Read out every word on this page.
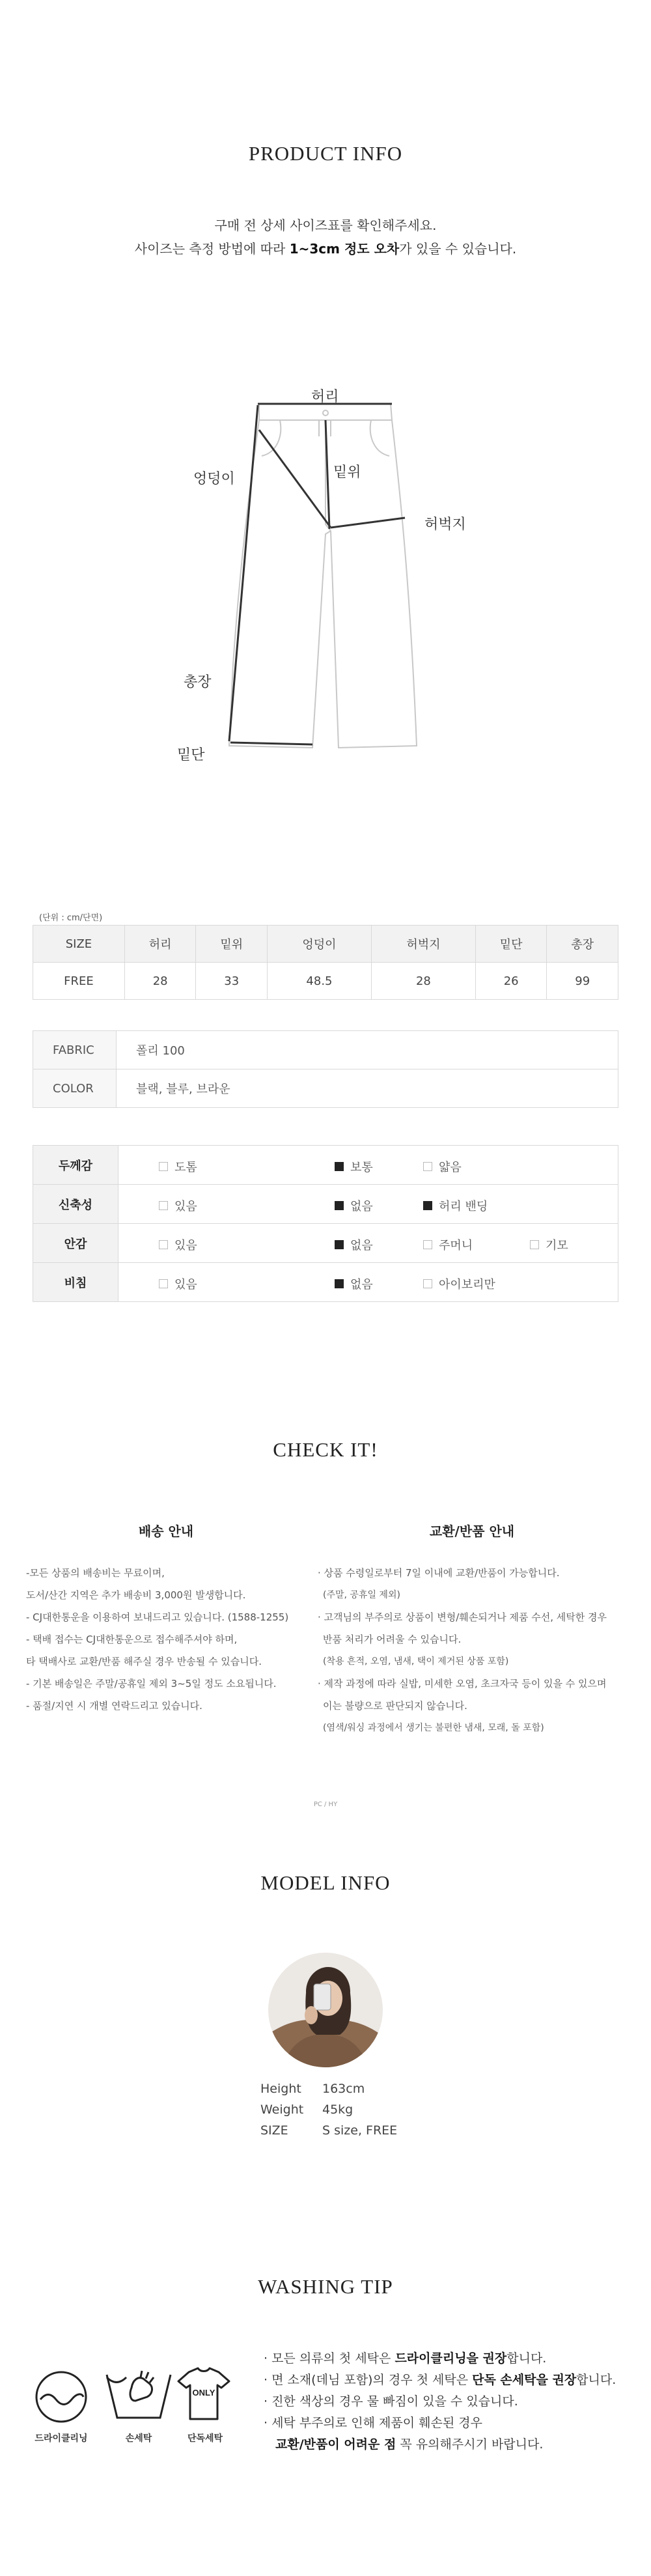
PRODUCT INFO
구매 전 상세 사이즈표를 확인해주세요.
사이즈는 측정 방법에 따라 1~3cm 정도 오차가 있을 수 있습니다.
허리
엉덩이	밑위
허벅지
총장
밑단
(단위 : cm/단면)
SIZE	허리	밑위	엉덩이	허벅지	밑단	총장
FREE	28	33	48.5	28	26	99
FABRIC	폴리 100
COLOR	블랙, 블루, 브라운
두께감	도톰 보통 얇음

신축성	있음 없음 허리 밴딩

안감	있음 없음 주머니 기모

비침	있음 없음 아이보리만
CHECK IT!
배송 안내	교환/반품 안내
-모든 상품의 배송비는 무료이며,
도서/산간 지역은 추가 배송비 3,000원 발생합니다.
- CJ대한통운을 이용하여 보내드리고 있습니다. (1588-1255)
- 택배 접수는 CJ대한통운으로 접수해주셔야 하며,
타 택배사로 교환/반품 해주실 경우 반송될 수 있습니다.
- 기본 배송일은 주말/공휴일 제외 3~5일 정도 소요됩니다.
- 품절/지연 시 개별 연락드리고 있습니다.
· 상품 수령일로부터 7일 이내에 교환/반품이 가능합니다.
(주말, 공휴일 제외)
· 고객님의 부주의로 상품이 변형/훼손되거나 제품 수선, 세탁한 경우
반품 처리가 어려울 수 있습니다.
(착용 흔적, 오염, 냄새, 택이 제거된 상품 포함)
· 제작 과정에 따라 실밥, 미세한 오염, 초크자국 등이 있을 수 있으며
이는 불량으로 판단되지 않습니다.
(염색/워싱 과정에서 생기는 불편한 냄새, 모래, 돌 포함)
PC / HY
MODEL INFO
Height 163cm
Weight 45kg
SIZE	S size, FREE
WASHING TIP
ONLY
드라이클리닝	손세탁	단독세탁
· 모든 의류의 첫 세탁은 드라이클리닝을 권장합니다.
· 면 소재(데님 포함)의 경우 첫 세탁은 단독 손세탁을 권장합니다.
· 진한 색상의 경우 물 빠짐이 있을 수 있습니다.
· 세탁 부주의로 인해 제품이 훼손된 경우
교환/반품이 어려운 점 꼭 유의해주시기 바랍니다.
